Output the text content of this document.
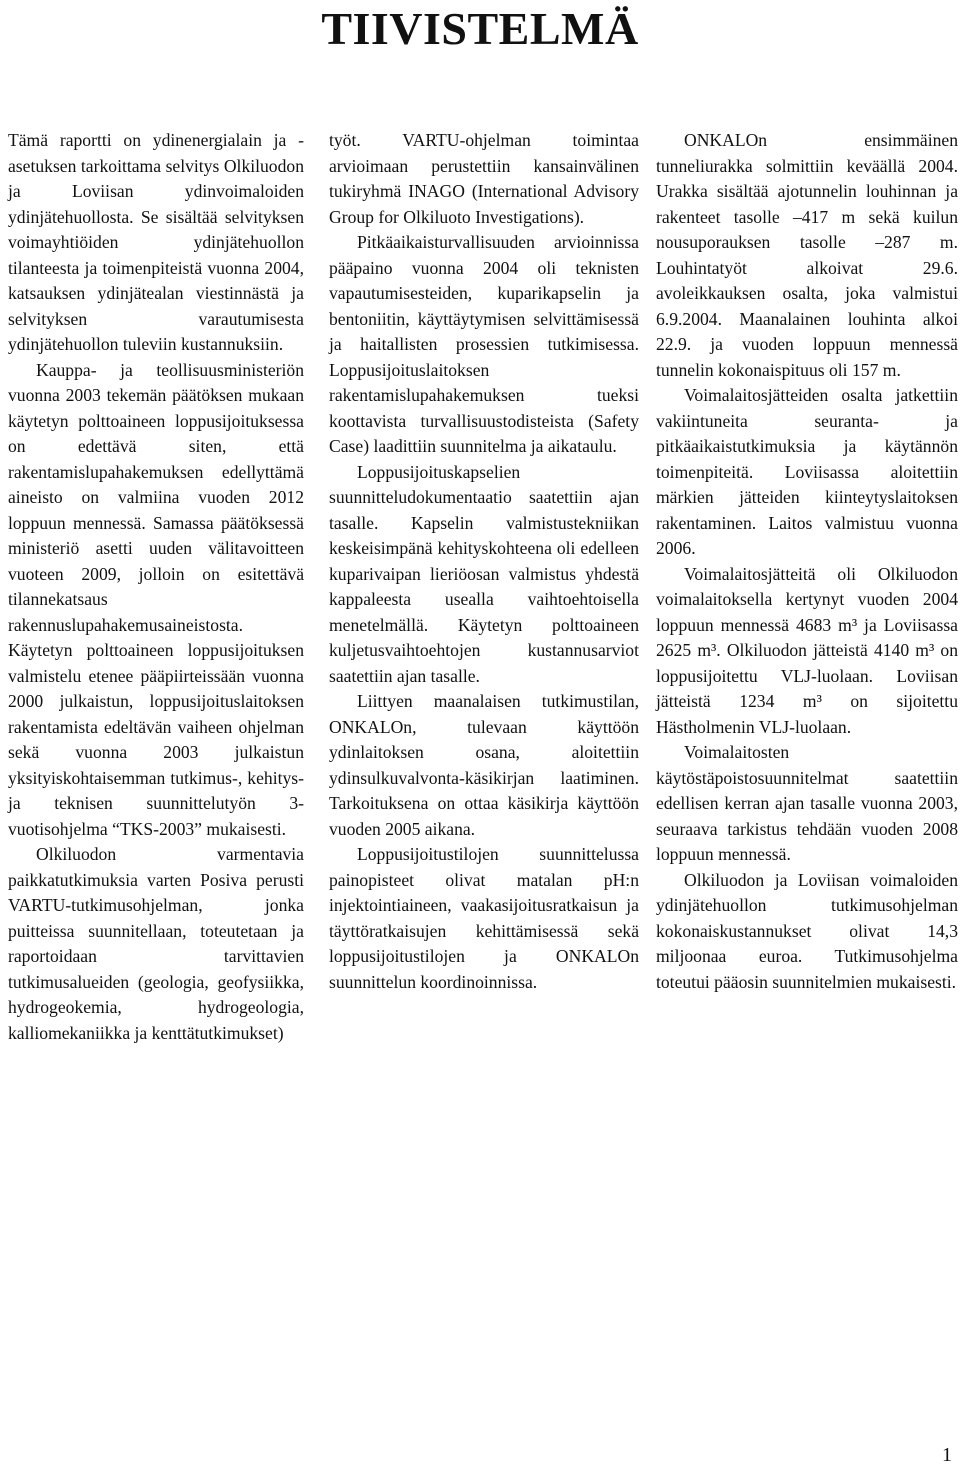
TIIVISTELMÄ

Tämä raportti on ydinenergialain ja -asetuksen tarkoittama selvitys Olkiluodon ja Loviisan ydinvoimaloiden ydinjätehuollosta. Se sisältää selvityksen voimayhtiöiden ydinjätehuollon tilanteesta ja toimenpiteistä vuonna 2004, katsauksen ydinjätealan viestinnästä ja selvityksen varautumisesta ydinjätehuollon tuleviin kustannuksiin.

Kauppa- ja teollisuusministeriön vuonna 2003 tekemän päätöksen mukaan käytetyn polttoaineen loppusijoituksessa on edettävä siten, että rakentamislupahakemuksen edellyttämä aineisto on valmiina vuoden 2012 loppuun mennessä. Samassa päätöksessä ministeriö asetti uuden välitavoitteen vuoteen 2009, jolloin on esitettävä tilannekatsaus rakennuslupahakemusaineistosta. Käytetyn polttoaineen loppusijoituksen valmistelu etenee pääpiirteissään vuonna 2000 julkaistun, loppusijoituslaitoksen rakentamista edeltävän vaiheen ohjelman sekä vuonna 2003 julkaistun yksityiskohtaisemman tutkimus-, kehitys- ja teknisen suunnittelutyön 3-vuotisohjelma “TKS-2003” mukaisesti.

Olkiluodon varmentavia paikkatutkimuksia varten Posiva perusti VARTU-tutkimusohjelman, jonka puitteissa suunnitellaan, toteutetaan ja raportoidaan tarvittavien tutkimusalueiden (geologia, geofysiikka, hydrogeokemia, hydrogeologia, kalliomekaniikka ja kenttätutkimukset)

työt. VARTU-ohjelman toimintaa arvioimaan perustettiin kansainvälinen tukiryhmä INAGO (International Advisory Group for Olkiluoto Investigations).

Pitkäaikaisturvallisuuden arvioinnissa pääpaino vuonna 2004 oli teknisten vapautumisesteiden, kuparikapselin ja bentoniitin, käyttäytymisen selvittämisessä ja haitallisten prosessien tutkimisessa. Loppusijoituslaitoksen rakentamislupahakemuksen tueksi koottavista turvallisuustodisteista (Safety Case) laadittiin suunnitelma ja aikataulu.

Loppusijoituskapselien suunnitteludokumentaatio saatettiin ajan tasalle. Kapselin valmistustekniikan keskeisimpänä kehityskohteena oli edelleen kuparivaipan lieriöosan valmistus yhdestä kappaleesta usealla vaihtoehtoisella menetelmällä. Käytetyn polttoaineen kuljetusvaihtoehtojen kustannusarviot saatettiin ajan tasalle.

Liittyen maanalaisen tutkimustilan, ONKALOn, tulevaan käyttöön ydinlaitoksen osana, aloitettiin ydinsulkuvalvonta-käsikirjan laatiminen. Tarkoituksena on ottaa käsikirja käyttöön vuoden 2005 aikana.

Loppusijoitustilojen suunnittelussa painopisteet olivat matalan pH:n injektointiaineen, vaakasijoitusratkaisun ja täyttöratkaisujen kehittämisessä sekä loppusijoitustilojen ja ONKALOn suunnittelun koordinoinnissa.

ONKALOn ensimmäinen tunneliurakka solmittiin keväällä 2004. Urakka sisältää ajotunnelin louhinnan ja rakenteet tasolle –417 m sekä kuilun nousuporauksen tasolle –287 m. Louhintatyöt alkoivat 29.6. avoleikkauksen osalta, joka valmistui 6.9.2004. Maanalainen louhinta alkoi 22.9. ja vuoden loppuun mennessä tunnelin kokonaispituus oli 157 m.

Voimalaitosjätteiden osalta jatkettiin vakiintuneita seuranta- ja pitkäaikaistutkimuksia ja käytännön toimenpiteitä. Loviisassa aloitettiin märkien jätteiden kiinteytyslaitoksen rakentaminen. Laitos valmistuu vuonna 2006.

Voimalaitosjätteitä oli Olkiluodon voimalaitoksella kertynyt vuoden 2004 loppuun mennessä 4683 m³ ja Loviisassa 2625 m³. Olkiluodon jätteistä 4140 m³ on loppusijoitettu VLJ-luolaan. Loviisan jätteistä 1234 m³ on sijoitettu Hästholmenin VLJ-luolaan.

Voimalaitosten käytöstäpoistosuunnitelmat saatettiin edellisen kerran ajan tasalle vuonna 2003, seuraava tarkistus tehdään vuoden 2008 loppuun mennessä.

Olkiluodon ja Loviisan voimaloiden ydinjätehuollon tutkimusohjelman kokonaiskustannukset olivat 14,3 miljoonaa euroa. Tutkimusohjelma toteutui pääosin suunnitelmien mukaisesti.

1
